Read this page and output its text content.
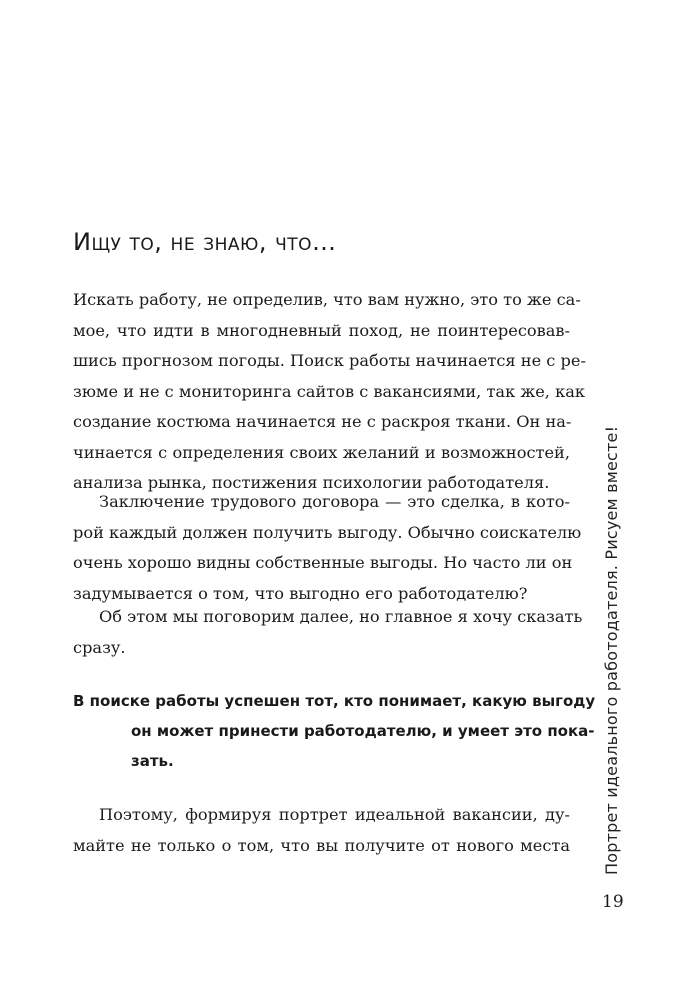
Ищу то, не знаю, что…
Искать работу, не определив, что вам нужно, это то же са-
мое, что идти в многодневный поход, не поинтересовав-
шись прогнозом погоды. Поиск работы начинается не с ре-
зюме и не с мониторинга сайтов с вакансиями, так же, как
создание костюма начинается не с раскроя ткани. Он на-
чинается с определения своих желаний и возможностей,
анализа рынка, постижения психологии работодателя.
Заключение трудового договора — это сделка, в кото-
рой каждый должен получить выгоду. Обычно соискателю
очень хорошо видны собственные выгоды. Но часто ли он
задумывается о том, что выгодно его работодателю?
Об этом мы поговорим далее, но главное я хочу сказать
сразу.
В поиске работы успешен тот, кто понимает, какую выгоду
он может принести работодателю, и умеет это пока-
зать.
Поэтому, формируя портрет идеальной вакансии, ду-
майте не только о том, что вы получите от нового места Портрет идеального работодателя. Рисуем вместе!
19
